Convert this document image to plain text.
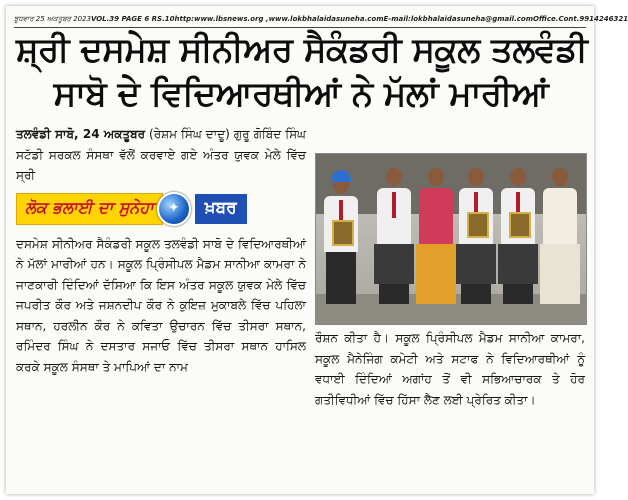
ਝੂਧਵਾਰ 25 ਅਕਤੂਬਰ 2023 VOL.39 PAGE 6 RS.10 http:www.lbsnews.org ,www.lokbhalaidasuneha.com E-mail:lokbhalaidasuneha@gmail.com Office.Cont.9914246321
ਸ਼੍ਰੀ ਦਸਮੇਸ਼ ਸੀਨੀਅਰ ਸੈਕੰਡਰੀ ਸਕੂਲ ਤਲਵੰਡੀ
ਸਾਬੋ ਦੇ ਵਿਦਿਆਰਥੀਆਂ ਨੇ ਮੱਲਾਂ ਮਾਰੀਆਂ

ਤਲਵੰਡੀ ਸਾਬੋ, 24 ਅਕਤੂਬਰ (ਰੇਸ਼ਮ ਸਿੰਘ ਦਾਦੂ) ਗੁਰੂ ਗੋਬਿੰਦ ਸਿੰਘ ਸਟੱਡੀ ਸਰਕਲ ਸੰਸਥਾ ਵੱਲੋਂ ਕਰਵਾਏ ਗਏ ਅੰਤਰ ਯੁਵਕ ਮੇਲੇ ਵਿੱਚ ਸ੍ਰੀ

ਲੋਕ ਭਲਾਈ ਦਾ ਸੁਨੇਹਾ	✦	ਖ਼ਬਰ

ਦਸਮੇਸ਼ ਸੀਨੀਅਰ ਸੈਕੰਡਰੀ ਸਕੂਲ ਤਲਵੰਡੀ ਸਾਬੋ ਦੇ ਵਿਦਿਆਰਥੀਆਂ ਨੇ ਮੱਲਾਂ ਮਾਰੀਆਂ ਹਨ। ਸਕੂਲ ਪ੍ਰਿੰਸੀਪਲ ਮੈਡਮ ਸਾਨੀਆ ਕਾਮਰਾ ਨੇ ਜਾਣਕਾਰੀ ਦਿੰਦਿਆਂ ਦੱਸਿਆ ਕਿ ਇਸ ਅੰਤਰ ਸਕੂਲ ਯੁਵਕ ਮੇਲੇ ਵਿੱਚ ਜਪਰੀਤ ਕੌਰ ਅਤੇ ਜਸ਼ਨਦੀਪ ਕੌਰ ਨੇ ਕੁਇਜ਼ ਮੁਕਾਬਲੇ ਵਿੱਚ ਪਹਿਲਾ ਸਥਾਨ, ਹਰਲੀਨ ਕੌਰ ਨੇ ਕਵਿਤਾ ਉਚਾਰਨ ਵਿੱਚ ਤੀਸਰਾ ਸਥਾਨ, ਰਮਿੰਦਰ ਸਿੰਘ ਨੇ ਦਸਤਾਰ ਸਜਾਓ ਵਿੱਚ ਤੀਸਰਾ ਸਥਾਨ ਹਾਸਿਲ ਕਰਕੇ ਸਕੂਲ ਸੰਸਥਾ ਤੇ ਮਾਪਿਆਂ ਦਾ ਨਾਮ

ਰੌਸ਼ਨ ਕੀਤਾ ਹੈ। ਸਕੂਲ ਪ੍ਰਿੰਸੀਪਲ ਮੈਡਮ ਸਾਨੀਆ ਕਾਮਰਾ, ਸਕੂਲ ਮੈਨੇਜਿੰਗ ਕਮੇਟੀ ਅਤੇ ਸਟਾਫ ਨੇ ਵਿਦਿਆਰਥੀਆਂ ਨੂੰ ਵਧਾਈ ਦਿੰਦਿਆਂ ਅਗਾਂਹ ਤੋਂ ਵੀ ਸਭਿਆਚਾਰਕ ਤੇ ਹੋਰ ਗਤੀਵਿਧੀਆਂ ਵਿੱਚ ਹਿੱਸਾ ਲੈਣ ਲਈ ਪ੍ਰੇਰਿਤ ਕੀਤਾ।
